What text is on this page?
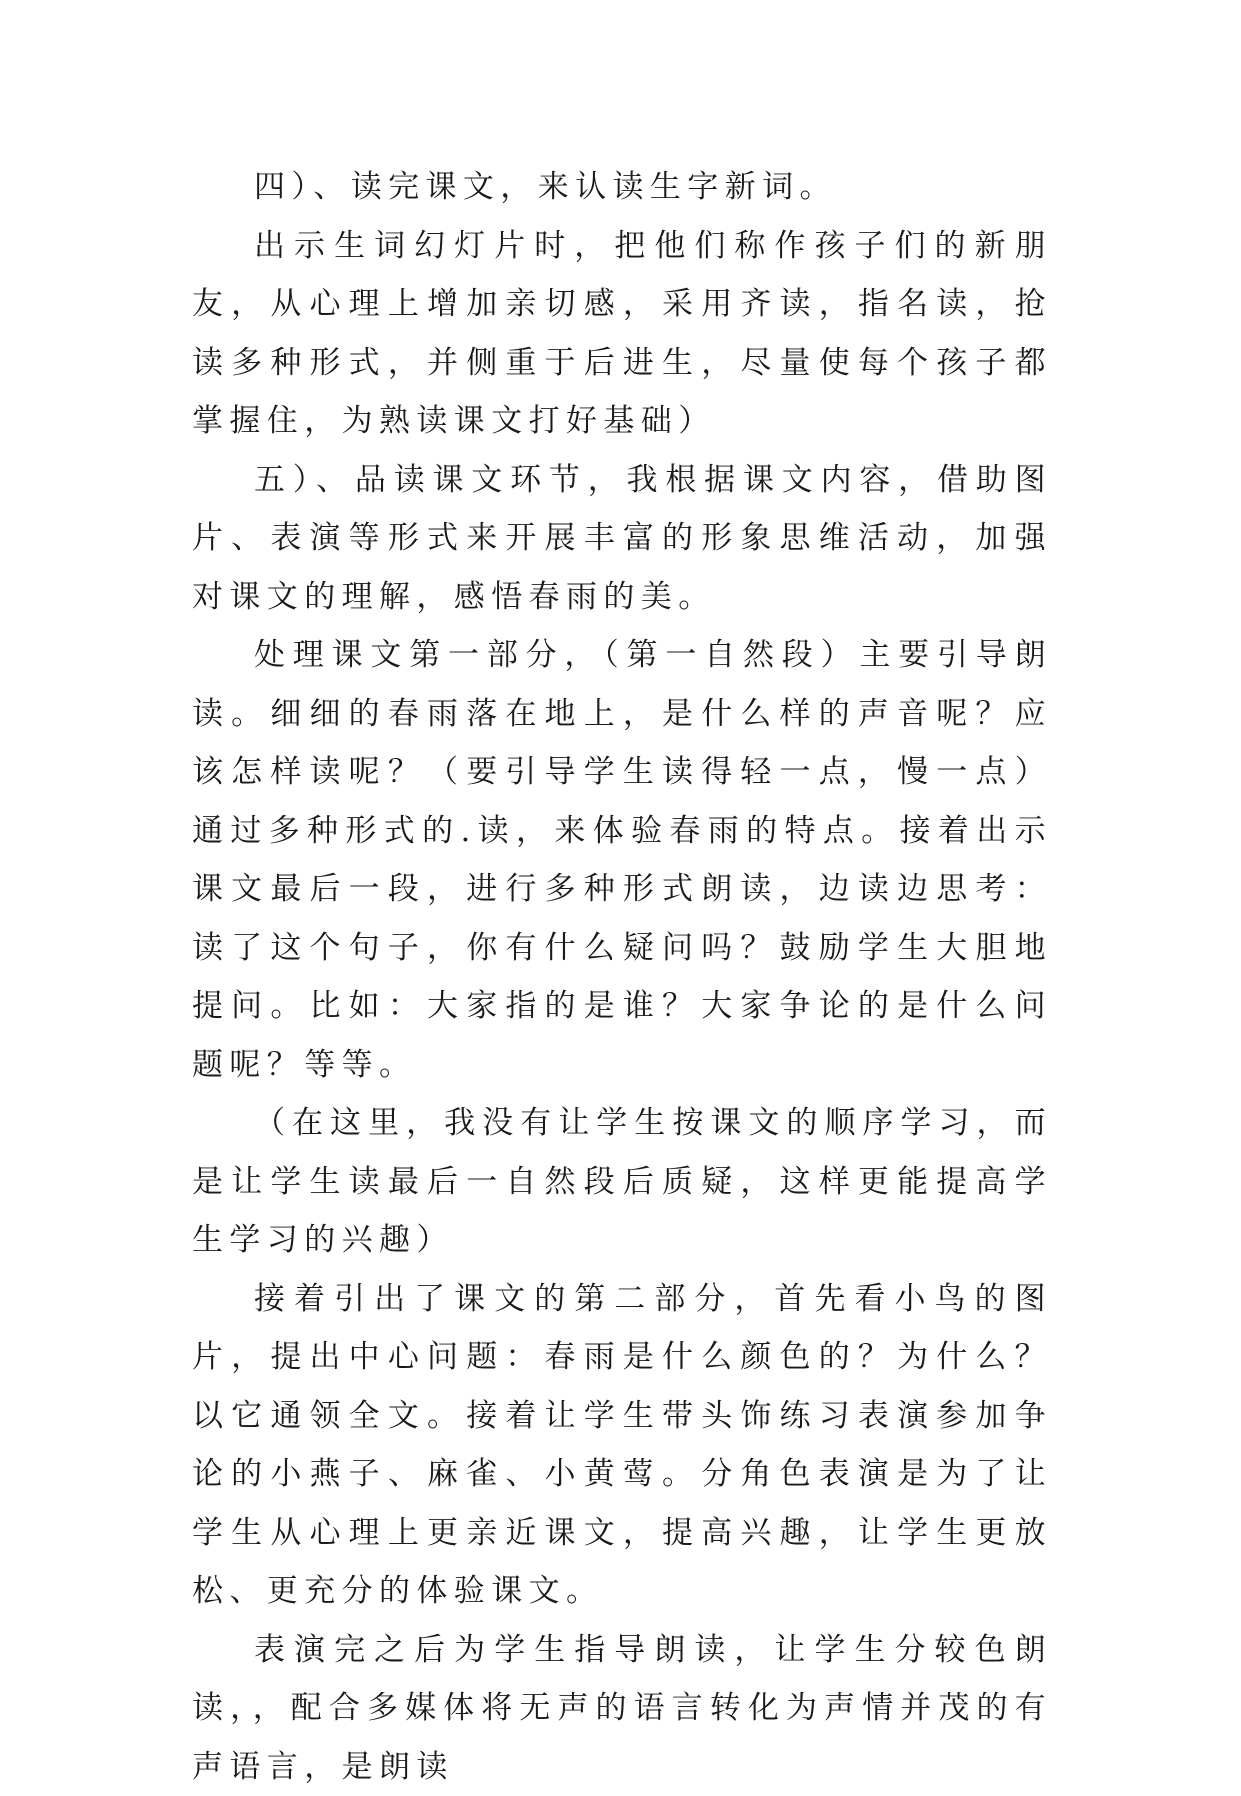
四）、读完课文，来认读生字新词。

出示生词幻灯片时，把他们称作孩子们的新朋友，从心理上增加亲切感，采用齐读，指名读，抢读多种形式，并侧重于后进生，尽量使每个孩子都掌握住，为熟读课文打好基础）

五）、品读课文环节，我根据课文内容，借助图片、表演等形式来开展丰富的形象思维活动，加强对课文的理解，感悟春雨的美。

处理课文第一部分，（第一自然段）主要引导朗读。细细的春雨落在地上，是什么样的声音呢？应该怎样读呢？（要引导学生读得轻一点，慢一点）通过多种形式的.读，来体验春雨的特点。接着出示课文最后一段，进行多种形式朗读，边读边思考：读了这个句子，你有什么疑问吗？鼓励学生大胆地提问。比如：大家指的是谁？大家争论的是什么问题呢？等等。

（在这里，我没有让学生按课文的顺序学习，而是让学生读最后一自然段后质疑，这样更能提高学生学习的兴趣）

接着引出了课文的第二部分，首先看小鸟的图片，提出中心问题：春雨是什么颜色的？为什么？以它通领全文。接着让学生带头饰练习表演参加争论的小燕子、麻雀、小黄莺。分角色表演是为了让学生从心理上更亲近课文，提高兴趣，让学生更放松、更充分的体验课文。

表演完之后为学生指导朗读，让学生分较色朗读，，配合多媒体将无声的语言转化为声情并茂的有声语言，是朗读
